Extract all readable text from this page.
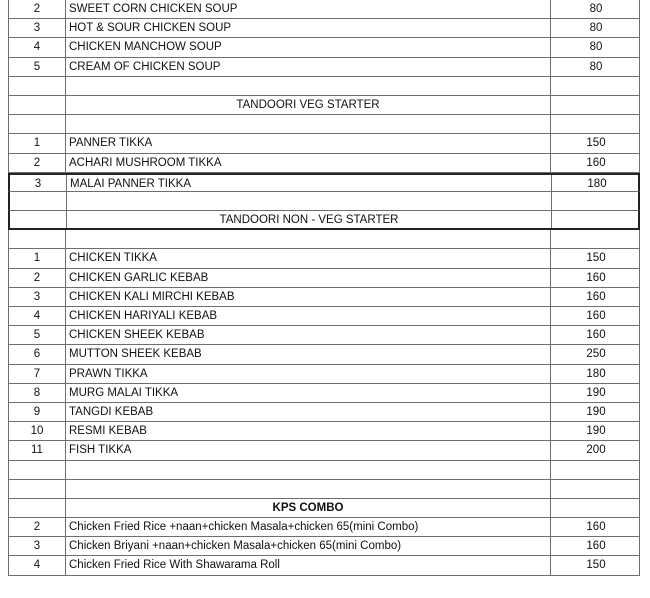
2	SWEET CORN CHICKEN SOUP	80
3	HOT & SOUR CHICKEN SOUP	80
4	CHICKEN MANCHOW SOUP	80
5	CREAM OF CHICKEN SOUP	80
TANDOORI VEG STARTER
1	PANNER TIKKA	150
2	ACHARI MUSHROOM TIKKA	160
3	MALAI PANNER TIKKA	180
TANDOORI NON - VEG STARTER
1	CHICKEN TIKKA	150
2	CHICKEN GARLIC KEBAB	160
3	CHICKEN KALI MIRCHI KEBAB	160
4	CHICKEN HARIYALI KEBAB	160
5	CHICKEN SHEEK KEBAB	160
6	MUTTON SHEEK KEBAB	250
7	PRAWN TIKKA	180
8	MURG MALAI TIKKA	190
9	TANGDI KEBAB	190
10	RESMI KEBAB	190
11	FISH TIKKA	200
KPS COMBO
2	Chicken Fried Rice +naan+chicken Masala+chicken 65(mini Combo)	160
3	Chicken Briyani +naan+chicken Masala+chicken 65(mini Combo)	160
4	Chicken Fried Rice With Shawarama Roll	150
